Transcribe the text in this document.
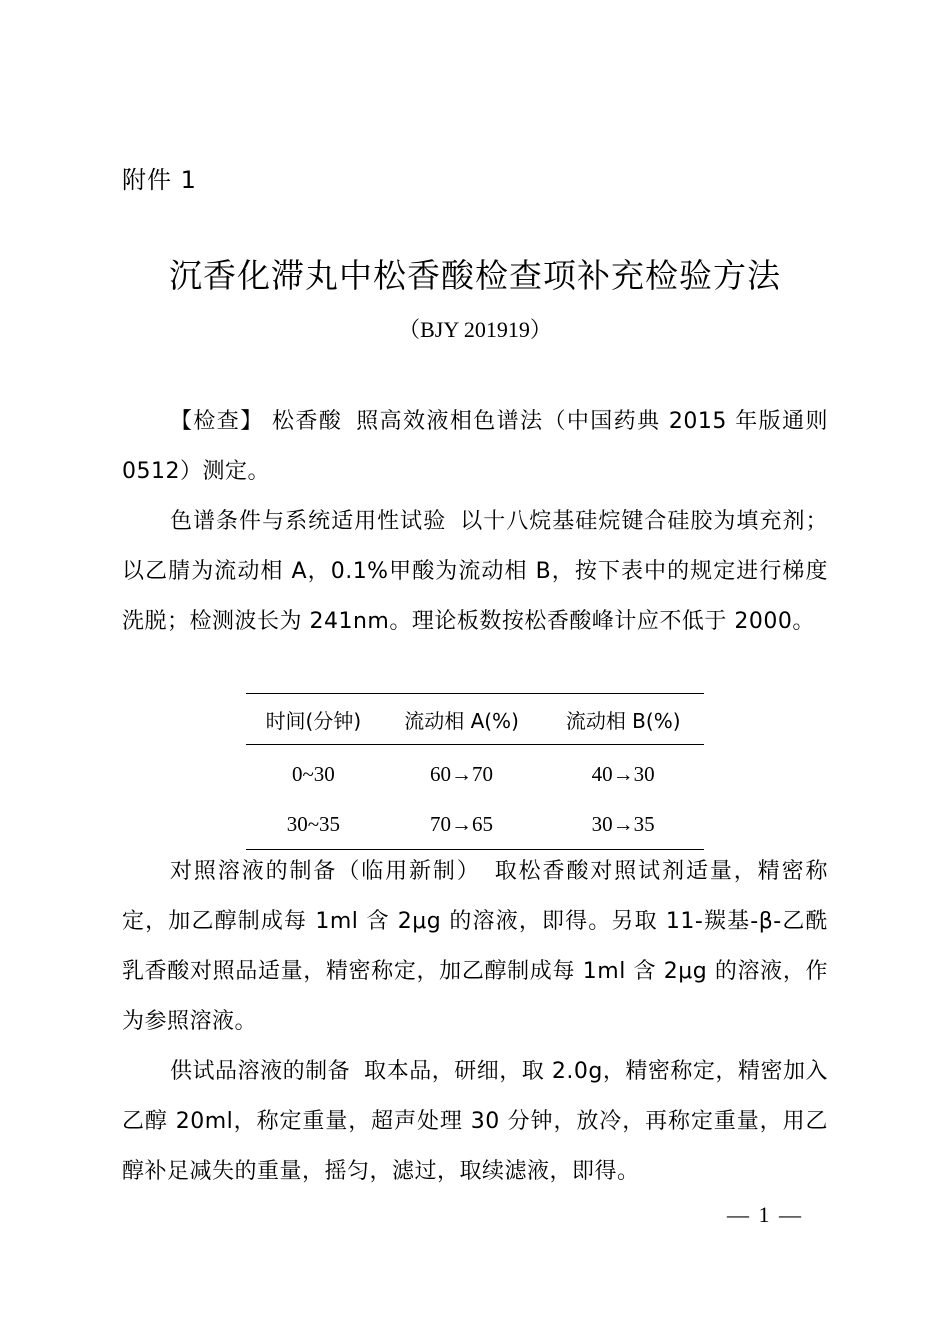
附件 1
沉香化滞丸中松香酸检查项补充检验方法
（BJY 201919）

【检查】 松香酸 照高效液相色谱法（中国药典 2015 年版通则 0512）测定。

色谱条件与系统适用性试验 以十八烷基硅烷键合硅胶为填充剂；以乙腈为流动相 A，0.1%甲酸为流动相 B，按下表中的规定进行梯度洗脱；检测波长为 241nm。理论板数按松香酸峰计应不低于 2000。

时间(分钟)	流动相 A(%)	流动相 B(%)
0~30	60→70	40→30
30~35	70→65	30→35

对照溶液的制备（临用新制） 取松香酸对照试剂适量，精密称定，加乙醇制成每 1ml 含 2μg 的溶液，即得。另取 11-羰基-β-乙酰乳香酸对照品适量，精密称定，加乙醇制成每 1ml 含 2μg 的溶液，作为参照溶液。

供试品溶液的制备 取本品，研细，取 2.0g，精密称定，精密加入乙醇 20ml，称定重量，超声处理 30 分钟，放冷，再称定重量，用乙醇补足减失的重量，摇匀，滤过，取续滤液，即得。

— 1 —
